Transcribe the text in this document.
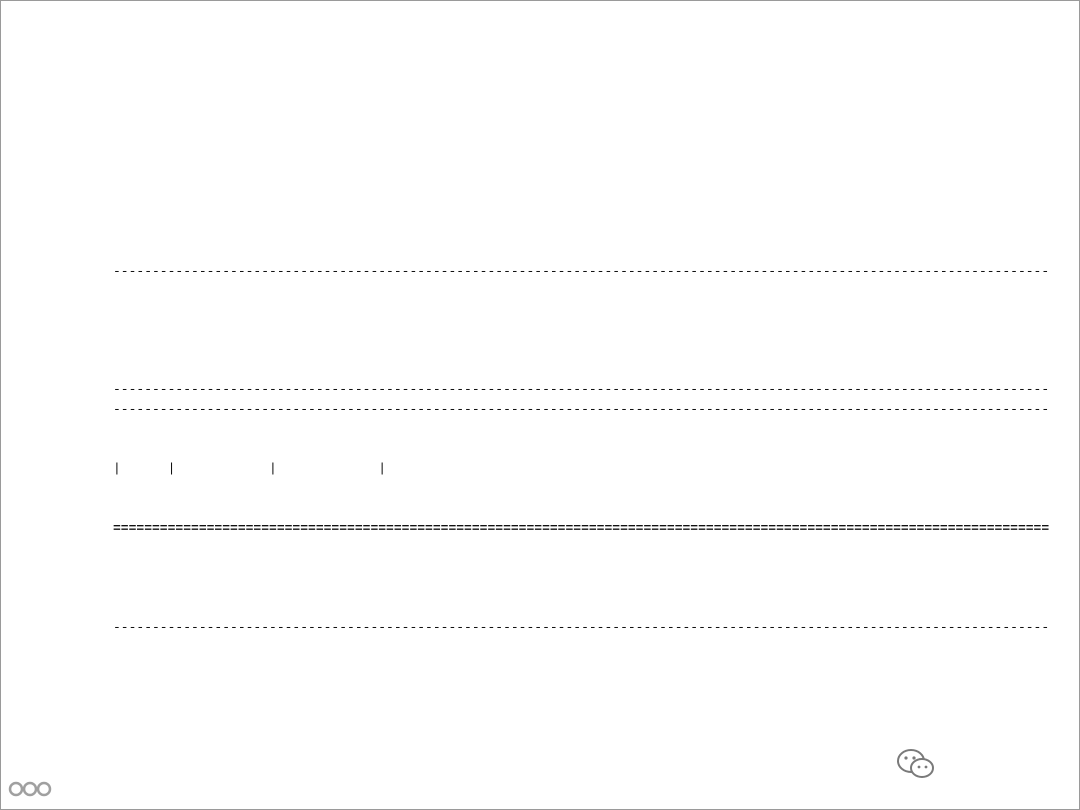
------------------------------------------------------------------------------------------------------------------------

------------------------------------------------------------------------------------------------------------------------

------------------------------------------------------------------------------------------------------------------------

|      |            |             |

========================================================================================================================

------------------------------------------------------------------------------------------------------------------------
